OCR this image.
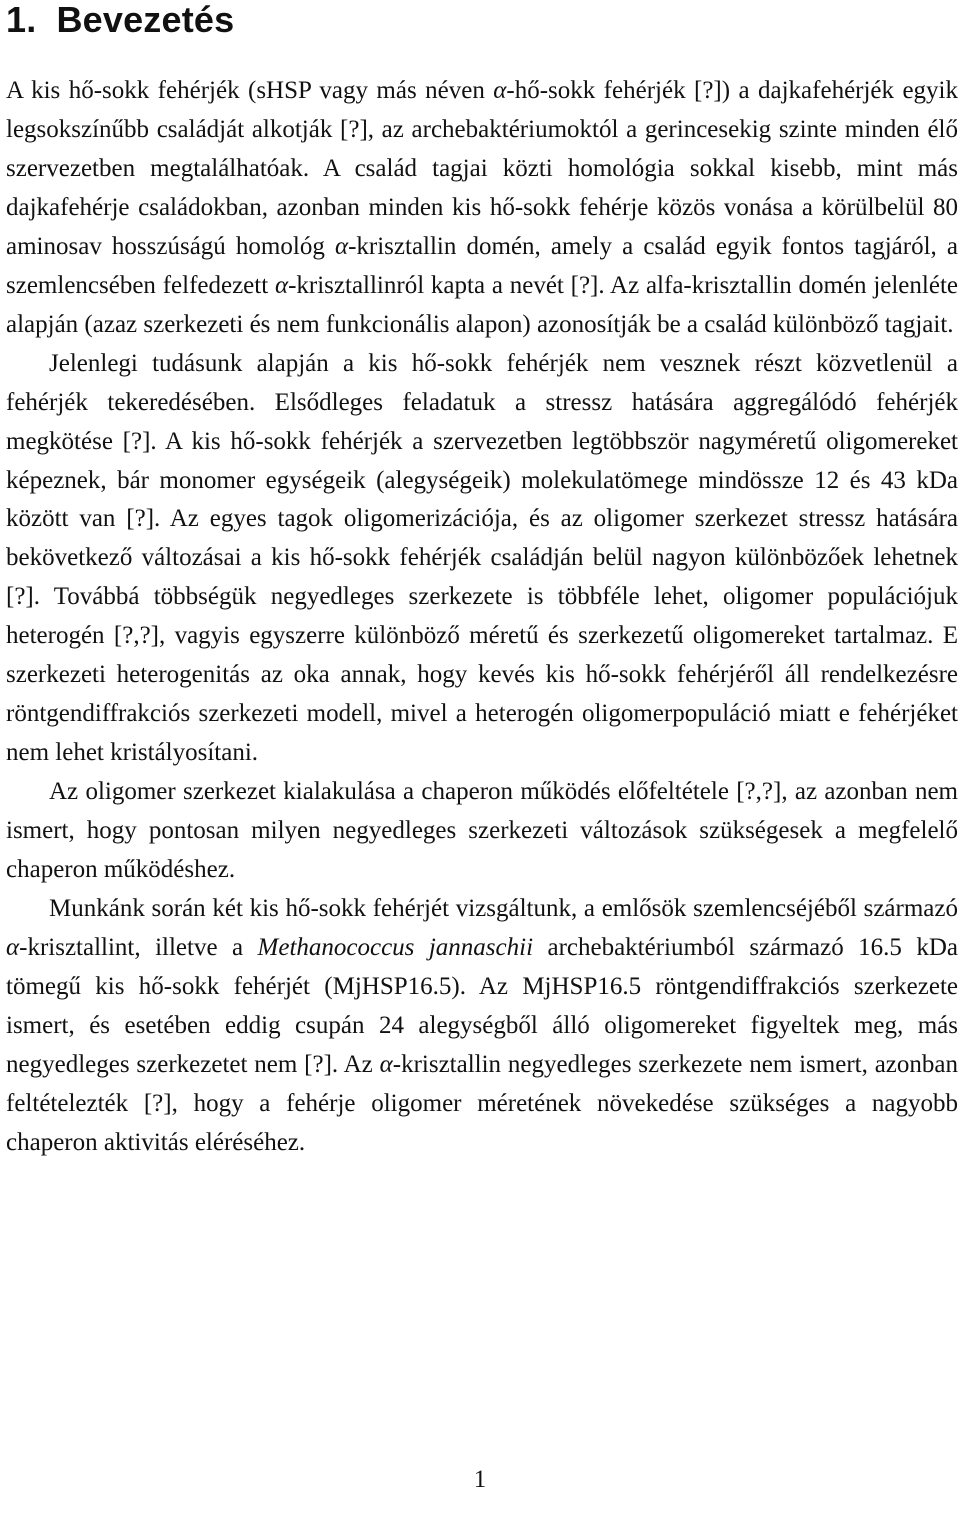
1. Bevezetés

A kis hő-sokk fehérjék (sHSP vagy más néven α-hő-sokk fehérjék [?]) a dajkafehérjék egyik legsokszínűbb családját alkotják [?], az archebaktériumoktól a gerincesekig szinte minden élő szervezetben megtalálhatóak. A család tagjai közti homológia sokkal kisebb, mint más dajkafehérje családokban, azonban minden kis hő-sokk fehérje közös vonása a körülbelül 80 aminosav hosszúságú homológ α-krisztallin domén, amely a család egyik fontos tagjáról, a szemlencsében felfedezett α-krisztallinról kapta a nevét [?]. Az alfa-krisztallin domén jelenléte alapján (azaz szerkezeti és nem funkcionális alapon) azonosítják be a család különböző tagjait.

Jelenlegi tudásunk alapján a kis hő-sokk fehérjék nem vesznek részt közvetlenül a fehérjék tekeredésében. Elsődleges feladatuk a stressz hatására aggregálódó fehérjék megkötése [?]. A kis hő-sokk fehérjék a szervezetben legtöbbször nagyméretű oligomereket képeznek, bár monomer egységeik (alegységeik) molekulatömege mindössze 12 és 43 kDa között van [?]. Az egyes tagok oligomerizációja, és az oligomer szerkezet stressz hatására bekövetkező változásai a kis hő-sokk fehérjék családján belül nagyon különbözőek lehetnek [?]. Továbbá többségük negyedleges szerkezete is többféle lehet, oligomer populációjuk heterogén [?,?], vagyis egyszerre különböző méretű és szerkezetű oligomereket tartalmaz. E szerkezeti heterogenitás az oka annak, hogy kevés kis hő-sokk fehérjéről áll rendelkezésre röntgendiffrakciós szerkezeti modell, mivel a heterogén oligomerpopuláció miatt e fehérjéket nem lehet kristályosítani.

Az oligomer szerkezet kialakulása a chaperon működés előfeltétele [?,?], az azonban nem ismert, hogy pontosan milyen negyedleges szerkezeti változások szükségesek a megfelelő chaperon működéshez.

Munkánk során két kis hő-sokk fehérjét vizsgáltunk, a emlősök szemlencséjéből származó α-krisztallint, illetve a Methanococcus jannaschii archebaktériumból származó 16.5 kDa tömegű kis hő-sokk fehérjét (MjHSP16.5). Az MjHSP16.5 röntgendiffrakciós szerkezete ismert, és esetében eddig csupán 24 alegységből álló oligomereket figyeltek meg, más negyedleges szerkezetet nem [?]. Az α-krisztallin negyedleges szerkezete nem ismert, azonban feltételezték [?], hogy a fehérje oligomer méretének növekedése szükséges a nagyobb chaperon aktivitás eléréséhez.

1
